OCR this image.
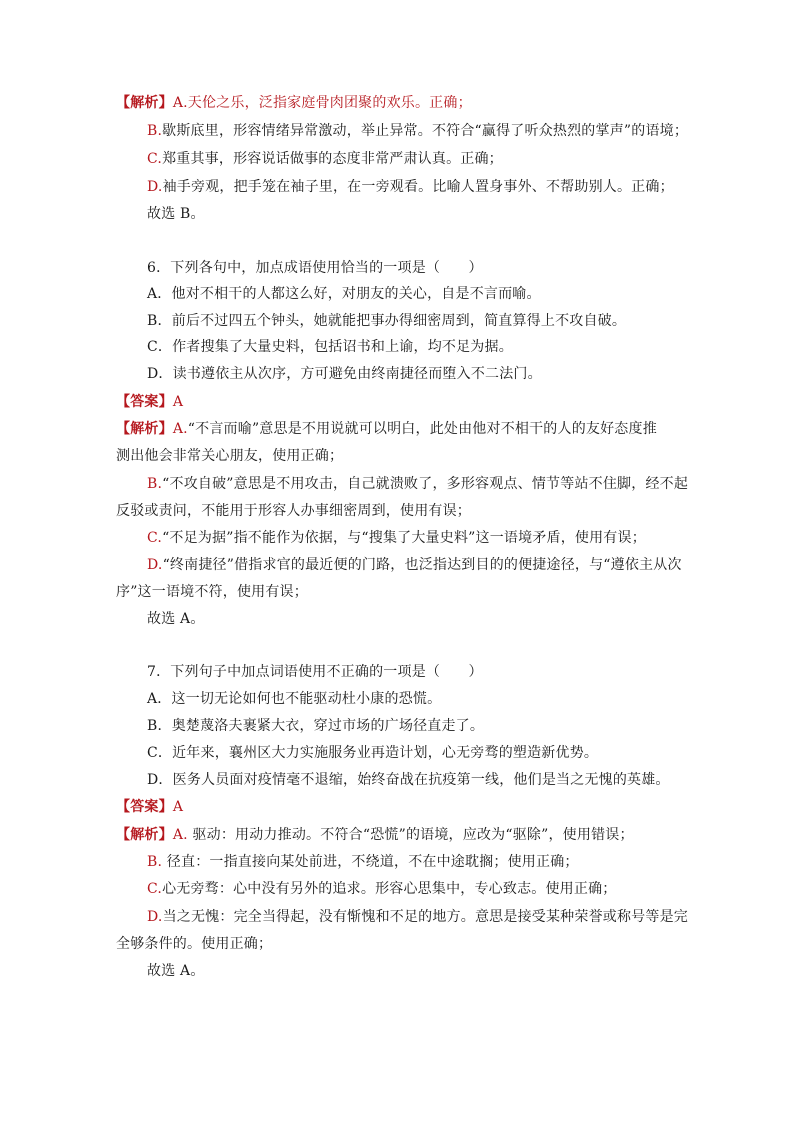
【解析】A.天伦之乐，泛指家庭骨肉团聚的欢乐。正确；
B.歇斯底里，形容情绪异常激动，举止异常。不符合“赢得了听众热烈的掌声”的语境；
C.郑重其事，形容说话做事的态度非常严肃认真。正确；
D.袖手旁观，把手笼在袖子里，在一旁观看。比喻人置身事外、不帮助别人。正确；
故选 B。
6．下列各句中，加点成语使用恰当的一项是（　　）
A．他对不相干的人都这么好，对朋友的关心，自是不言而喻。
B．前后不过四五个钟头，她就能把事办得细密周到，简直算得上不攻自破。
C．作者搜集了大量史料，包括诏书和上谕，均不足为据。
D．读书遵依主从次序，方可避免由终南捷径而堕入不二法门。
【答案】A
【解析】A.“不言而喻”意思是不用说就可以明白，此处由他对不相干的人的友好态度推
测出他会非常关心朋友，使用正确；
B.“不攻自破”意思是不用攻击，自己就溃败了，多形容观点、情节等站不住脚，经不起
反驳或责问，不能用于形容人办事细密周到，使用有误；
C.“不足为据”指不能作为依据，与“搜集了大量史料”这一语境矛盾，使用有误；
D.“终南捷径”借指求官的最近便的门路，也泛指达到目的的便捷途径，与“遵依主从次
序”这一语境不符，使用有误；
故选 A。
7．下列句子中加点词语使用不正确的一项是（　　）
A．这一切无论如何也不能驱动杜小康的恐慌。
B．奥楚蔑洛夫裹紧大衣，穿过市场的广场径直走了。
C．近年来，襄州区大力实施服务业再造计划，心无旁骛的塑造新优势。
D．医务人员面对疫情毫不退缩，始终奋战在抗疫第一线，他们是当之无愧的英雄。
【答案】A
【解析】A. 驱动：用动力推动。不符合“恐慌”的语境，应改为“驱除”，使用错误；
B. 径直：一指直接向某处前进，不绕道，不在中途耽搁；使用正确；
C.心无旁骛：心中没有另外的追求。形容心思集中，专心致志。使用正确；
D.当之无愧：完全当得起，没有惭愧和不足的地方。意思是接受某种荣誉或称号等是完
全够条件的。使用正确；
故选 A。
